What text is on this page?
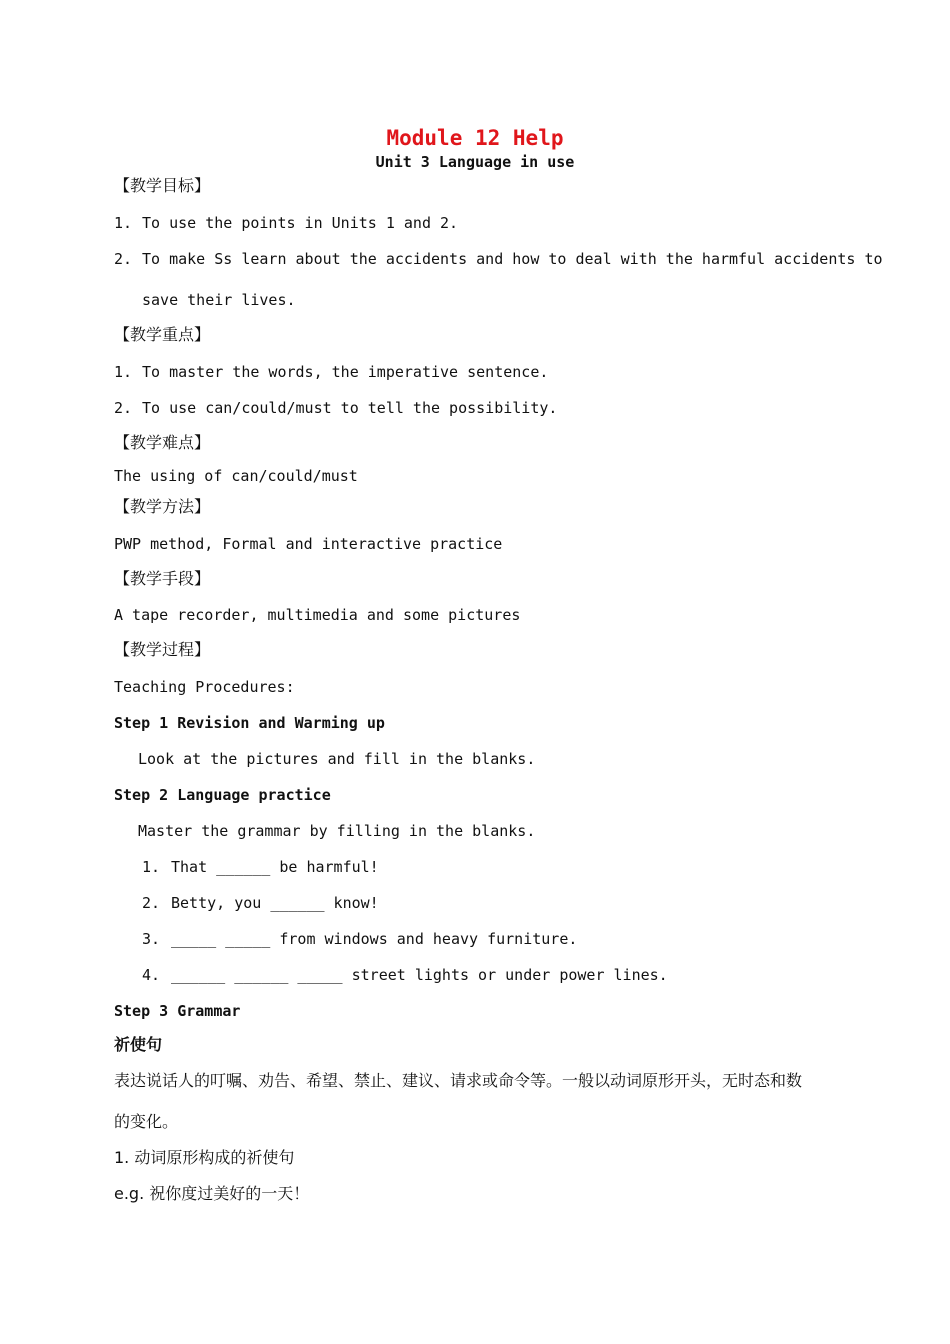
Module 12 Help
Unit 3 Language in use
【教学目标】
1. To use the points in Units 1 and 2.
2. To make Ss learn about the accidents and how to deal with the harmful accidents to
save their lives.
【教学重点】
1. To master the words, the imperative sentence.
2. To use can/could/must to tell the possibility.
【教学难点】
The using of can/could/must
【教学方法】
PWP method, Formal and interactive practice
【教学手段】
A tape recorder, multimedia and some pictures
【教学过程】
Teaching Procedures:
Step 1 Revision and Warming up
Look at the pictures and fill in the blanks.
Step 2 Language practice
Master the grammar by filling in the blanks.
1. That ______ be harmful!
2. Betty, you ______ know!
3. _____ _____ from windows and heavy furniture.
4. ______ ______ _____ street lights or under power lines.
Step 3 Grammar
祈使句
表达说话人的叮嘱、劝告、希望、禁止、建议、请求或命令等。一般以动词原形开头，无时态和数
的变化。
1. 动词原形构成的祈使句
e.g. 祝你度过美好的一天！
